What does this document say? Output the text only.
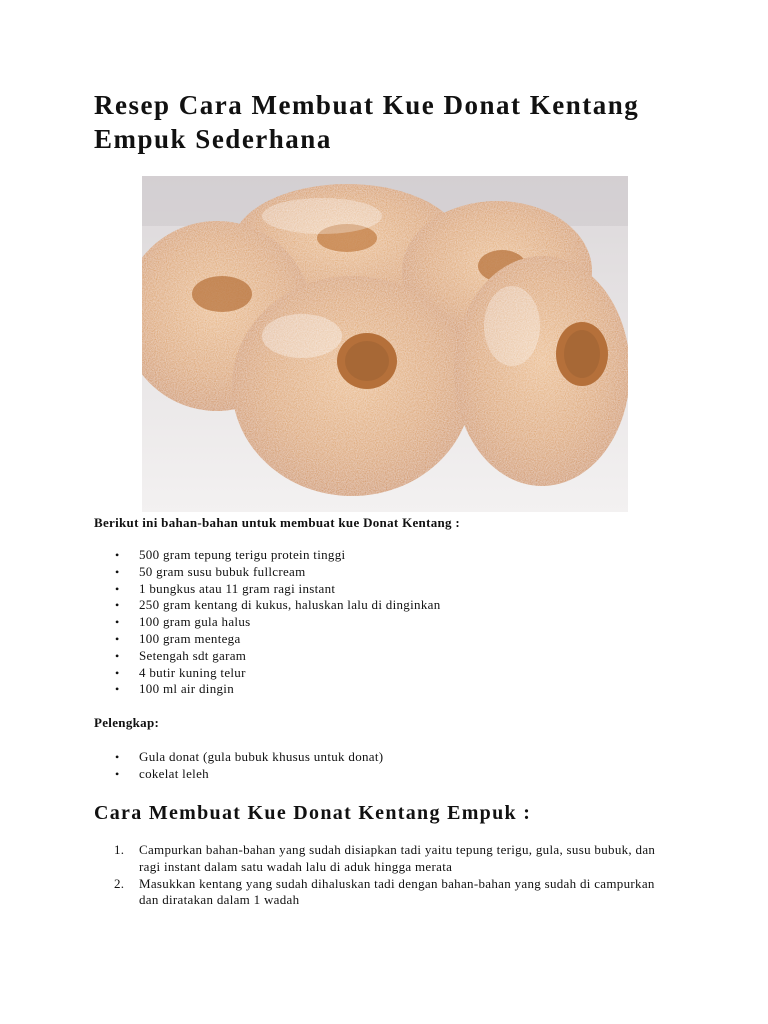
Resep Cara Membuat Kue Donat Kentang Empuk Sederhana

Berikut ini bahan-bahan untuk membuat kue Donat Kentang :

• 500 gram tepung terigu protein tinggi
• 50 gram susu bubuk fullcream
• 1 bungkus atau 11 gram ragi instant
• 250 gram kentang di kukus, haluskan lalu di dinginkan
• 100 gram gula halus
• 100 gram mentega
• Setengah sdt garam
• 4 butir kuning telur
• 100 ml air dingin

Pelengkap:

• Gula donat (gula bubuk khusus untuk donat)
• cokelat leleh
Cara Membuat Kue Donat Kentang Empuk :
1. Campurkan bahan-bahan yang sudah disiapkan tadi yaitu tepung terigu, gula, susu bubuk, dan ragi instant dalam satu wadah lalu di aduk hingga merata
2. Masukkan kentang yang sudah dihaluskan tadi dengan bahan-bahan yang sudah di campurkan dan diratakan dalam 1 wadah
